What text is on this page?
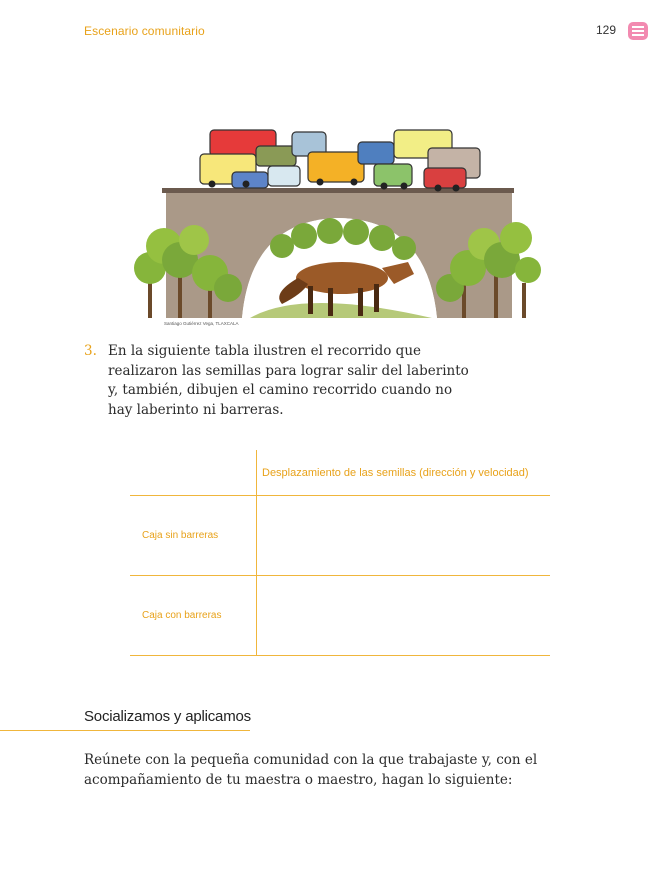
Escenario comunitario	129
Santiago Gutiérrez Vega, TLAXCALA
3. En la siguiente tabla ilustren el recorrido que realizaron las semillas para lograr salir del laberinto y, también, dibujen el camino recorrido cuando no hay laberinto ni barreras.

	Desplazamiento de las semillas (dirección y velocidad)
Caja sin barreras	
Caja con barreras	
Socializamos y aplicamos

Reúnete con la pequeña comunidad con la que trabajaste y, con el acompañamiento de tu maestra o maestro, hagan lo siguiente:
